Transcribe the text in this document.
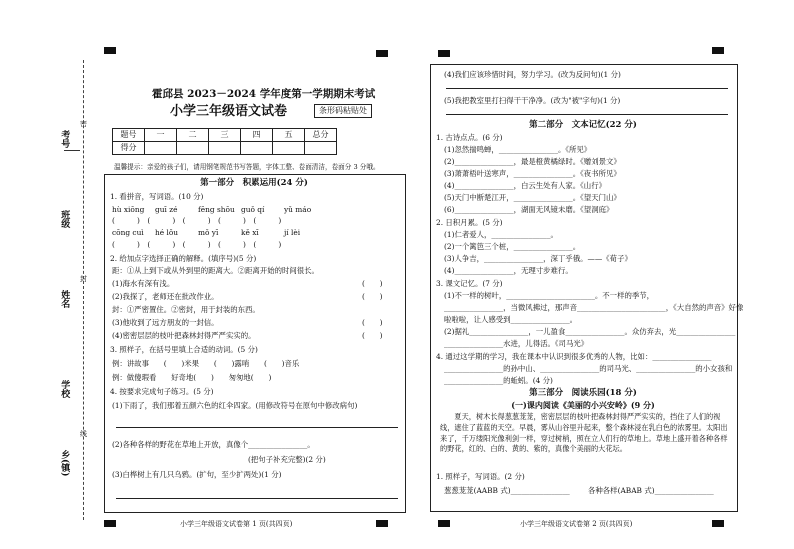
考号
班级
姓名
学校
乡(镇)
密
封
线
霍邱县 2023－2024 学年度第一学期期末考试
小学三年级语文试卷	条形码粘贴处
题号	一	二	三	四	五	总分
得分						
温馨提示：亲爱的孩子们，请用钢笔规范书写答题，字体工整、卷面清洁，卷面分 3 分哦。
第一部分　积累运用(24 分)
1. 看拼音，写词语。(10 分)
hù xiōng guī zé	fēng shōu guǒ qí	yǔ máo
(　　　)　(　　　)　(　　　)　(　　　)　(　　　)
cōng cuì hé lǒu	mǒ yī	kě xī	jí lèi
(　　　)　(　　　)　(　　　)　(　　　)　(　　　)
2. 给加点字选择正确的解释。(填序号)(5 分)
距：①从上到下或从外到里的距离大。②距离开始的时间很长。
(1)海水有深有浅。	(　　)
(2)我探了，老师还在批改作业。	(　　)
封：①严密置住。②密封，用于封装的东西。
(3)他收到了远方朋友的一封信。	(　　)
(4)密密层层的枝叶把森林封得严严实实的。	(　　)
3. 照样子，在括号里填上合适的动词。(5 分)
例：讲故事　　(　　)米果　　(　　)露哨　　(　　)音乐
例：做傻瑕看　　好奇地(　　)　　匆匆地(　　)
4. 按要求完成句子练习。(5 分)
(1)下雨了，我们那着五颜六色的红伞四家。(用修改符号在原句中修改病句)
(2)各种各样的野花在草地上开放，真像个________________。
(把句子补充完整)(2 分)
(3)白桦树上有几只乌鸦。(扩句，至少扩两处)(1 分)
小学三年级语文试卷第 1 页(共四页)
(4)我们应该珍惜时间，努力学习。(改为反问句)(1 分)
(5)我把教室里打扫得干干净净。(改为"被"字句)(1 分)
第二部分　文本记忆(22 分)
1. 古诗点点。(6 分)
(1)忽然揣鸣蝉，________________。《所见》
(2)________________，最是橙黄橘绿时。《赠刘景文》
(3)萧萧梧叶送寒声，________________。《夜书所见》
(4)________________，白云生处有人家。《山行》
(5)天门中断楚江开，________________。《望天门山》
(6)________________，湖面无风镜未磨。《望洞庭》
2. 日积月累。(5 分)
(1)仁者爱人，________________。
(2)一个篱笆三个桩，________________。
(3)人争吉，________________，深丁乎俄。——《荀子》
(4)________________，无理寸步难行。
3. 课文记忆。(7 分)
(1)不一样的树叶，________________________。不一样的季节，
________________，当微风拂过，那声音________________________，《大自然的声音》好像
啦啦啦，让人感受到________________。
(2)据礼________________，一儿盈食________________。众仿弃去，光________________
________________水进，儿得活。《司马光》
4. 通过这学期的学习，我在课本中认识到很多优秀的人物，比如：________________
________________的孙中山、________________的司马光、________________的小女孩和
________________的蚯蚓。(4 分)
第三部分　阅读乐园(18 分)
(一)课内阅读《美丽的小兴安岭》(9 分)
夏天，树木长得葱葱茏茏，密密层层的枝叶把森林封得严严实实的，挡住了人们的视线，遮住了蓝蓝的天空。早晨，雾从山谷里升起来，整个森林浸在乳白色的浓雾里。太阳出来了，千万缕阳光像利剑一样，穿过树梢，照在立人们行的草地上。草地上盛开着各种各样的野花，红的、白的、黄的、紫的，真像个美丽的大花坛。
1. 照样子，写词语。(2 分)
葱葱茏茏(AABB 式)________________ 各种各样(ABAB 式)________________
小学三年级语文试卷第 2 页(共四页)
